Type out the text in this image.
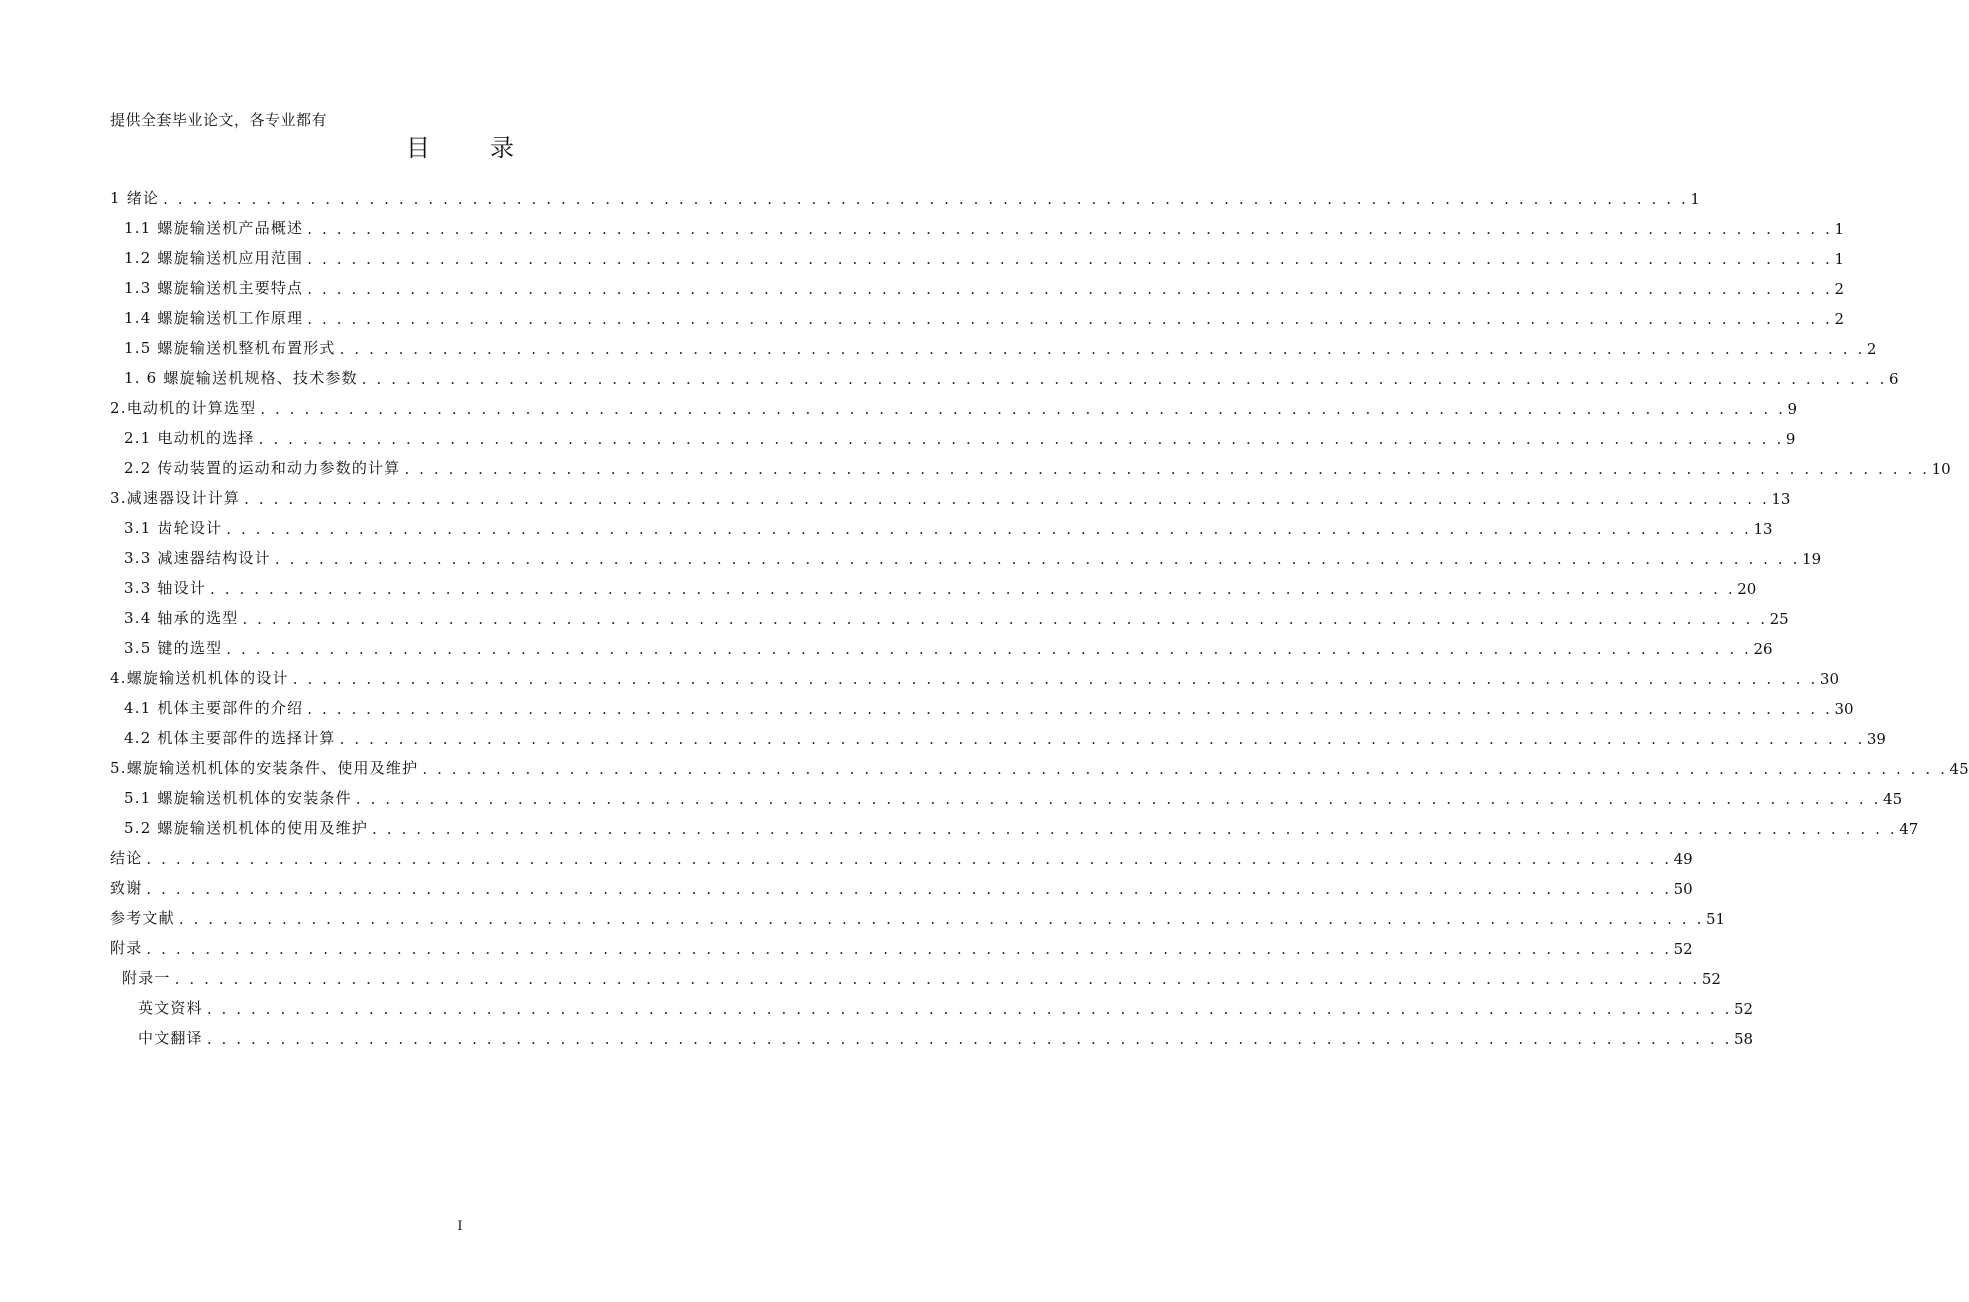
提供全套毕业论文，各专业都有
目	录
1 绪论 . . . . . . . . . . . . . . . . . . . . . . . . . . . . . . . . . . . . . . . . . . . . . . . . . . . . . . . . . . . . . . . . . . . . . . . . . . . . . . . . . . . . . . . . . . . . . . . . . . . . . . . . 1
1.1 螺旋输送机产品概述 . . . . . . . . . . . . . . . . . . . . . . . . . . . . . . . . . . . . . . . . . . . . . . . . . . . . . . . . . . . . . . . . . . . . . . . . . . . . . . . . . . . . . . . . . . . . . . . . . . . . . . . . 1
1.2 螺旋输送机应用范围 . . . . . . . . . . . . . . . . . . . . . . . . . . . . . . . . . . . . . . . . . . . . . . . . . . . . . . . . . . . . . . . . . . . . . . . . . . . . . . . . . . . . . . . . . . . . . . . . . . . . . . . . 1
1.3 螺旋输送机主要特点 . . . . . . . . . . . . . . . . . . . . . . . . . . . . . . . . . . . . . . . . . . . . . . . . . . . . . . . . . . . . . . . . . . . . . . . . . . . . . . . . . . . . . . . . . . . . . . . . . . . . . . . . 2
1.4 螺旋输送机工作原理 . . . . . . . . . . . . . . . . . . . . . . . . . . . . . . . . . . . . . . . . . . . . . . . . . . . . . . . . . . . . . . . . . . . . . . . . . . . . . . . . . . . . . . . . . . . . . . . . . . . . . . . . 2
1.5 螺旋输送机整机布置形式 . . . . . . . . . . . . . . . . . . . . . . . . . . . . . . . . . . . . . . . . . . . . . . . . . . . . . . . . . . . . . . . . . . . . . . . . . . . . . . . . . . . . . . . . . . . . . . . . . . . . . . . . 2
1. 6 螺旋输送机规格、技术参数 . . . . . . . . . . . . . . . . . . . . . . . . . . . . . . . . . . . . . . . . . . . . . . . . . . . . . . . . . . . . . . . . . . . . . . . . . . . . . . . . . . . . . . . . . . . . . . . . . . . . . . . . 6
2.电动机的计算选型 . . . . . . . . . . . . . . . . . . . . . . . . . . . . . . . . . . . . . . . . . . . . . . . . . . . . . . . . . . . . . . . . . . . . . . . . . . . . . . . . . . . . . . . . . . . . . . . . . . . . . . . . 9
2.1 电动机的选择 . . . . . . . . . . . . . . . . . . . . . . . . . . . . . . . . . . . . . . . . . . . . . . . . . . . . . . . . . . . . . . . . . . . . . . . . . . . . . . . . . . . . . . . . . . . . . . . . . . . . . . . . 9
2.2 传动装置的运动和动力参数的计算 . . . . . . . . . . . . . . . . . . . . . . . . . . . . . . . . . . . . . . . . . . . . . . . . . . . . . . . . . . . . . . . . . . . . . . . . . . . . . . . . . . . . . . . . . . . . . . . . . . . . . . . . 10
3.减速器设计计算 . . . . . . . . . . . . . . . . . . . . . . . . . . . . . . . . . . . . . . . . . . . . . . . . . . . . . . . . . . . . . . . . . . . . . . . . . . . . . . . . . . . . . . . . . . . . . . . . . . . . . . . . 13
3.1 齿轮设计 . . . . . . . . . . . . . . . . . . . . . . . . . . . . . . . . . . . . . . . . . . . . . . . . . . . . . . . . . . . . . . . . . . . . . . . . . . . . . . . . . . . . . . . . . . . . . . . . . . . . . . . . 13
3.3 减速器结构设计 . . . . . . . . . . . . . . . . . . . . . . . . . . . . . . . . . . . . . . . . . . . . . . . . . . . . . . . . . . . . . . . . . . . . . . . . . . . . . . . . . . . . . . . . . . . . . . . . . . . . . . . . 19
3.3 轴设计 . . . . . . . . . . . . . . . . . . . . . . . . . . . . . . . . . . . . . . . . . . . . . . . . . . . . . . . . . . . . . . . . . . . . . . . . . . . . . . . . . . . . . . . . . . . . . . . . . . . . . . . . 20
3.4 轴承的选型 . . . . . . . . . . . . . . . . . . . . . . . . . . . . . . . . . . . . . . . . . . . . . . . . . . . . . . . . . . . . . . . . . . . . . . . . . . . . . . . . . . . . . . . . . . . . . . . . . . . . . . . . 25
3.5 键的选型 . . . . . . . . . . . . . . . . . . . . . . . . . . . . . . . . . . . . . . . . . . . . . . . . . . . . . . . . . . . . . . . . . . . . . . . . . . . . . . . . . . . . . . . . . . . . . . . . . . . . . . . . 26
4.螺旋输送机机体的设计 . . . . . . . . . . . . . . . . . . . . . . . . . . . . . . . . . . . . . . . . . . . . . . . . . . . . . . . . . . . . . . . . . . . . . . . . . . . . . . . . . . . . . . . . . . . . . . . . . . . . . . . . 30
4.1 机体主要部件的介绍 . . . . . . . . . . . . . . . . . . . . . . . . . . . . . . . . . . . . . . . . . . . . . . . . . . . . . . . . . . . . . . . . . . . . . . . . . . . . . . . . . . . . . . . . . . . . . . . . . . . . . . . . 30
4.2 机体主要部件的选择计算 . . . . . . . . . . . . . . . . . . . . . . . . . . . . . . . . . . . . . . . . . . . . . . . . . . . . . . . . . . . . . . . . . . . . . . . . . . . . . . . . . . . . . . . . . . . . . . . . . . . . . . . . 39
5.螺旋输送机机体的安装条件、使用及维护 . . . . . . . . . . . . . . . . . . . . . . . . . . . . . . . . . . . . . . . . . . . . . . . . . . . . . . . . . . . . . . . . . . . . . . . . . . . . . . . . . . . . . . . . . . . . . . . . . . . . . . . . 45
5.1 螺旋输送机机体的安装条件 . . . . . . . . . . . . . . . . . . . . . . . . . . . . . . . . . . . . . . . . . . . . . . . . . . . . . . . . . . . . . . . . . . . . . . . . . . . . . . . . . . . . . . . . . . . . . . . . . . . . . . . . 45
5.2 螺旋输送机机体的使用及维护 . . . . . . . . . . . . . . . . . . . . . . . . . . . . . . . . . . . . . . . . . . . . . . . . . . . . . . . . . . . . . . . . . . . . . . . . . . . . . . . . . . . . . . . . . . . . . . . . . . . . . . . . 47
结论 . . . . . . . . . . . . . . . . . . . . . . . . . . . . . . . . . . . . . . . . . . . . . . . . . . . . . . . . . . . . . . . . . . . . . . . . . . . . . . . . . . . . . . . . . . . . . . . . . . . . . . . . 49
致谢 . . . . . . . . . . . . . . . . . . . . . . . . . . . . . . . . . . . . . . . . . . . . . . . . . . . . . . . . . . . . . . . . . . . . . . . . . . . . . . . . . . . . . . . . . . . . . . . . . . . . . . . . 50
参考文献 . . . . . . . . . . . . . . . . . . . . . . . . . . . . . . . . . . . . . . . . . . . . . . . . . . . . . . . . . . . . . . . . . . . . . . . . . . . . . . . . . . . . . . . . . . . . . . . . . . . . . . . . 51
附录 . . . . . . . . . . . . . . . . . . . . . . . . . . . . . . . . . . . . . . . . . . . . . . . . . . . . . . . . . . . . . . . . . . . . . . . . . . . . . . . . . . . . . . . . . . . . . . . . . . . . . . . . 52
附录一 . . . . . . . . . . . . . . . . . . . . . . . . . . . . . . . . . . . . . . . . . . . . . . . . . . . . . . . . . . . . . . . . . . . . . . . . . . . . . . . . . . . . . . . . . . . . . . . . . . . . . . . . 52
英文资料 . . . . . . . . . . . . . . . . . . . . . . . . . . . . . . . . . . . . . . . . . . . . . . . . . . . . . . . . . . . . . . . . . . . . . . . . . . . . . . . . . . . . . . . . . . . . . . . . . . . . . . . . 52
中文翻译 . . . . . . . . . . . . . . . . . . . . . . . . . . . . . . . . . . . . . . . . . . . . . . . . . . . . . . . . . . . . . . . . . . . . . . . . . . . . . . . . . . . . . . . . . . . . . . . . . . . . . . . . 58
I
